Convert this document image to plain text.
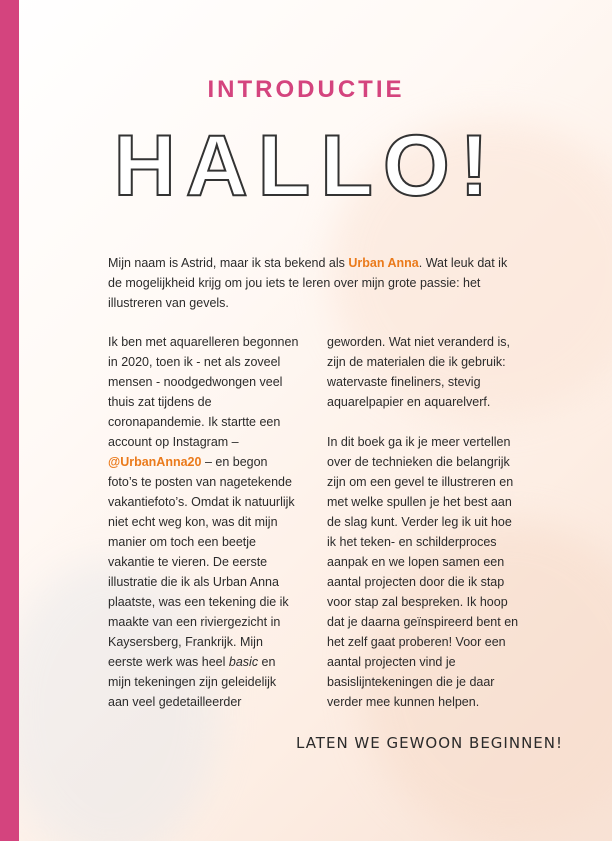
INTRODUCTIE
HALLO!

Mijn naam is Astrid, maar ik sta bekend als Urban Anna. Wat leuk dat ik de mogelijkheid krijg om jou iets te leren over mijn grote passie: het illustreren van gevels.

Ik ben met aquarelleren begonnen in 2020, toen ik - net als zoveel mensen - noodgedwongen veel thuis zat tijdens de coronapandemie. Ik startte een account op Instagram – @UrbanAnna20 – en begon foto’s te posten van nagetekende vakantiefoto’s. Omdat ik natuurlijk niet echt weg kon, was dit mijn manier om toch een beetje vakantie te vieren. De eerste illustratie die ik als Urban Anna plaatste, was een tekening die ik maakte van een riviergezicht in Kaysersberg, Frankrijk. Mijn eerste werk was heel basic en mijn tekeningen zijn geleidelijk aan veel gedetailleerder

geworden. Wat niet veranderd is, zijn de materialen die ik gebruik: watervaste fineliners, stevig aquarelpapier en aquarelverf.

In dit boek ga ik je meer vertellen over de technieken die belangrijk zijn om een gevel te illustreren en met welke spullen je het best aan de slag kunt. Verder leg ik uit hoe ik het teken- en schilderproces aanpak en we lopen samen een aantal projecten door die ik stap voor stap zal bespreken. Ik hoop dat je daarna geïnspireerd bent en het zelf gaat proberen! Voor een aantal projecten vind je basislijntekeningen die je daar verder mee kunnen helpen.

LATEN WE GEWOON BEGINNEN!
